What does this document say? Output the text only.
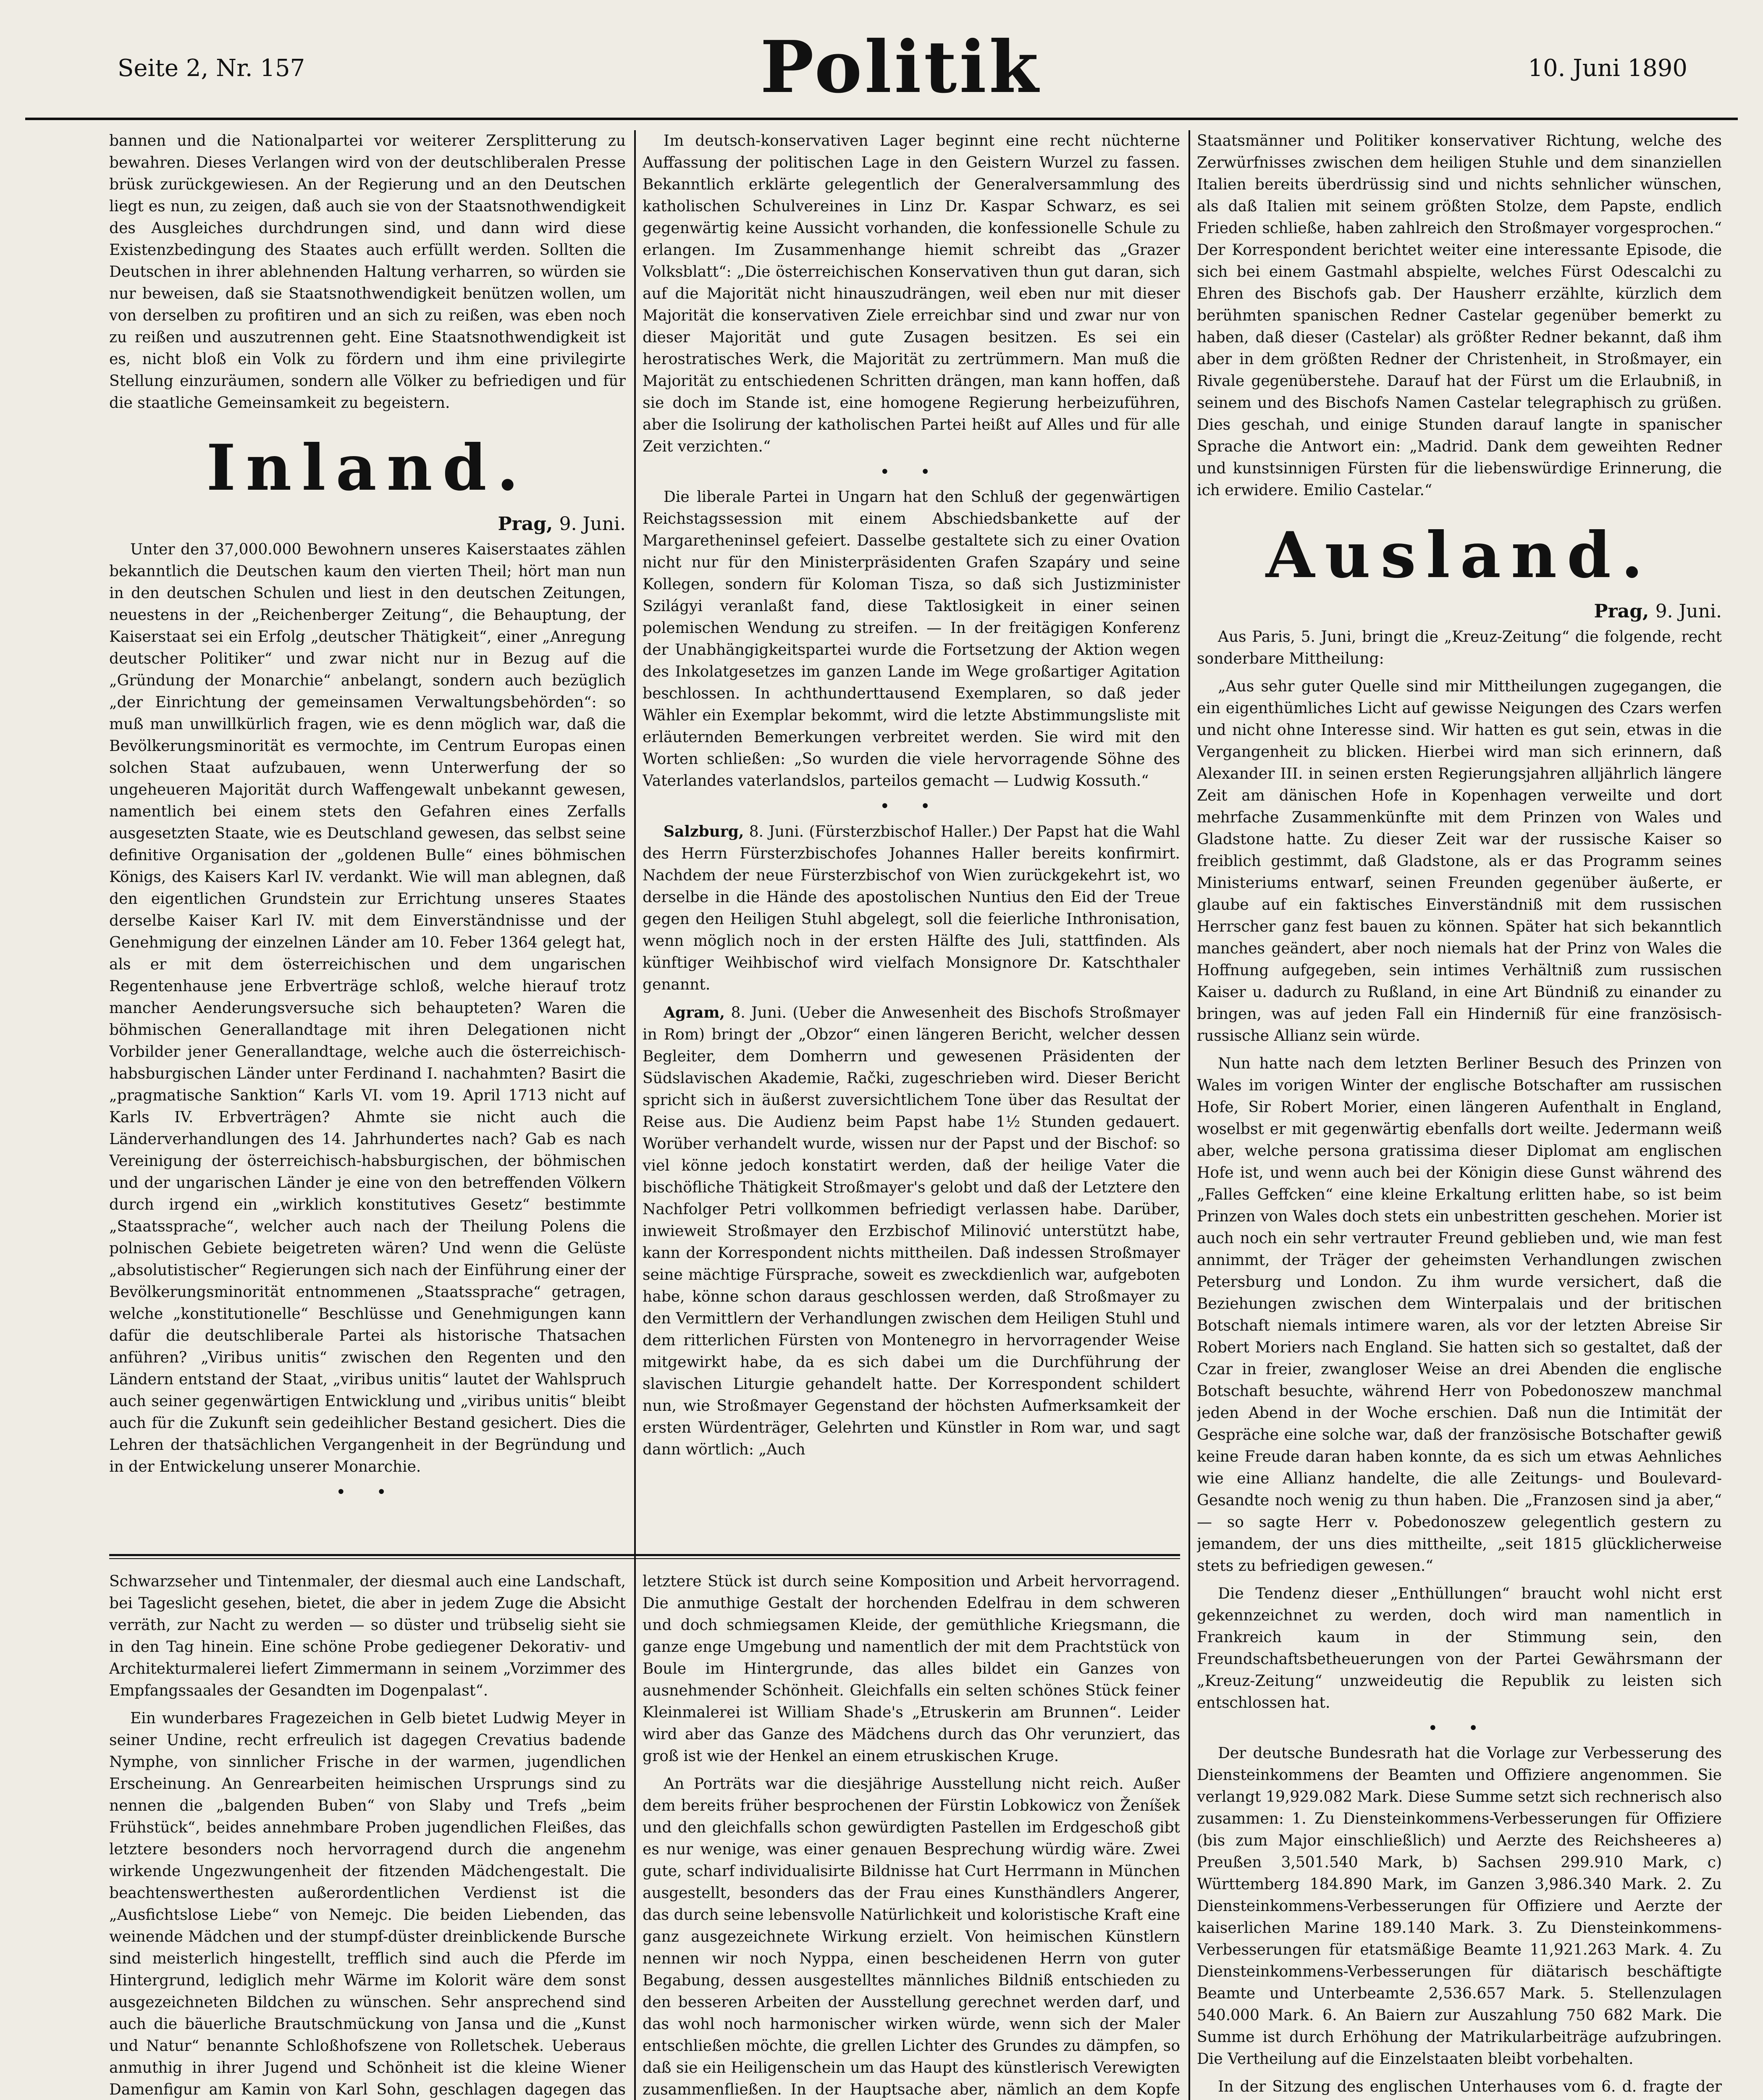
Seite 2, Nr. 157	Politik	10. Juni 1890

bannen und die Nationalpartei vor weiterer Zersplitterung zu bewahren. Dieses Verlangen wird von der deutschliberalen Presse brüsk zurückgewiesen. An der Regierung und an den Deutschen liegt es nun, zu zeigen, daß auch sie von der Staatsnothwendigkeit des Ausgleiches durchdrungen sind, und dann wird diese Existenzbedingung des Staates auch erfüllt werden. Sollten die Deutschen in ihrer ablehnenden Haltung verharren, so würden sie nur beweisen, daß sie Staatsnothwendigkeit benützen wollen, um von derselben zu profitiren und an sich zu reißen, was eben noch zu reißen und auszutrennen geht. Eine Staatsnothwendigkeit ist es, nicht bloß ein Volk zu fördern und ihm eine privilegirte Stellung einzuräumen, sondern alle Völker zu befriedigen und für die staatliche Gemeinsamkeit zu begeistern.

Inland.
Prag, 9. Juni.

Unter den 37,000.000 Bewohnern unseres Kaiserstaates zählen bekanntlich die Deutschen kaum den vierten Theil; hört man nun in den deutschen Schulen und liest in den deutschen Zeitungen, neuestens in der „Reichenberger Zeitung“, die Behauptung, der Kaiserstaat sei ein Erfolg „deutscher Thätigkeit“, einer „Anregung deutscher Politiker“ und zwar nicht nur in Bezug auf die „Gründung der Monarchie“ anbelangt, sondern auch bezüglich „der Einrichtung der gemeinsamen Verwaltungsbehörden“: so muß man unwillkürlich fragen, wie es denn möglich war, daß die Bevölkerungsminorität es vermochte, im Centrum Europas einen solchen Staat aufzubauen, wenn Unterwerfung der so ungeheueren Majorität durch Waffengewalt unbekannt gewesen, namentlich bei einem stets den Gefahren eines Zerfalls ausgesetzten Staate, wie es Deutschland gewesen, das selbst seine definitive Organisation der „goldenen Bulle“ eines böhmischen Königs, des Kaisers Karl IV. verdankt. Wie will man ablegnen, daß den eigentlichen Grundstein zur Errichtung unseres Staates derselbe Kaiser Karl IV. mit dem Einverständnisse und der Genehmigung der einzelnen Länder am 10. Feber 1364 gelegt hat, als er mit dem österreichischen und dem ungarischen Regentenhause jene Erbverträge schloß, welche hierauf trotz mancher Aenderungsversuche sich behaupteten? Waren die böhmischen Generallandtage mit ihren Delegationen nicht Vorbilder jener Generallandtage, welche auch die österreichisch-habsburgischen Länder unter Ferdinand I. nachahmten? Basirt die „pragmatische Sanktion“ Karls VI. vom 19. April 1713 nicht auf Karls IV. Erbverträgen? Ahmte sie nicht auch die Länderverhandlungen des 14. Jahrhundertes nach? Gab es nach Vereinigung der österreichisch-habsburgischen, der böhmischen und der ungarischen Länder je eine von den betreffenden Völkern durch irgend ein „wirklich konstitutives Gesetz“ bestimmte „Staatssprache“, welcher auch nach der Theilung Polens die polnischen Gebiete beigetreten wären? Und wenn die Gelüste „absolutistischer“ Regierungen sich nach der Einführung einer der Bevölkerungsminorität entnommenen „Staatssprache“ getragen, welche „konstitutionelle“ Beschlüsse und Genehmigungen kann dafür die deutschliberale Partei als historische Thatsachen anführen? „Viribus unitis“ zwischen den Regenten und den Ländern entstand der Staat, „viribus unitis“ lautet der Wahlspruch auch seiner gegenwärtigen Entwicklung und „viribus unitis“ bleibt auch für die Zukunft sein gedeihlicher Bestand gesichert. Dies die Lehren der thatsächlichen Vergangenheit in der Begründung und in der Entwickelung unserer Monarchie.

• •

Schwarzseher und Tintenmaler, der diesmal auch eine Landschaft, bei Tageslicht gesehen, bietet, die aber in jedem Zuge die Absicht verräth, zur Nacht zu werden — so düster und trübselig sieht sie in den Tag hinein. Eine schöne Probe gediegener Dekorativ- und Architekturmalerei liefert Zimmermann in seinem „Vorzimmer des Empfangssaales der Gesandten im Dogenpalast“.

Ein wunderbares Fragezeichen in Gelb bietet Ludwig Meyer in seiner Undine, recht erfreulich ist dagegen Crevatius badende Nymphe, von sinnlicher Frische in der warmen, jugendlichen Erscheinung. An Genrearbeiten heimischen Ursprungs sind zu nennen die „balgenden Buben“ von Slaby und Trefs „beim Frühstück“, beides annehmbare Proben jugendlichen Fleißes, das letztere besonders noch hervorragend durch die angenehm wirkende Ungezwungenheit der fitzenden Mädchengestalt. Die beachtenswerthesten außerordentlichen Verdienst ist die „Ausfichtslose Liebe“ von Nemejc. Die beiden Liebenden, das weinende Mädchen und der stumpf-düster dreinblickende Bursche sind meisterlich hingestellt, trefflich sind auch die Pferde im Hintergrund, lediglich mehr Wärme im Kolorit wäre dem sonst ausgezeichneten Bildchen zu wünschen. Sehr ansprechend sind auch die bäuerliche Brautschmückung von Jansa und die „Kunst und Natur“ benannte Schloßhofszene von Rolletschek. Ueberaus anmuthig in ihrer Jugend und Schönheit ist die kleine Wiener Damenfigur am Kamin von Karl Sohn, geschlagen dagegen das

Im deutsch-konservativen Lager beginnt eine recht nüchterne Auffassung der politischen Lage in den Geistern Wurzel zu fassen. Bekanntlich erklärte gelegentlich der Generalversammlung des katholischen Schulvereines in Linz Dr. Kaspar Schwarz, es sei gegenwärtig keine Aussicht vorhanden, die konfessionelle Schule zu erlangen. Im Zusammenhange hiemit schreibt das „Grazer Volksblatt“: „Die österreichischen Konservativen thun gut daran, sich auf die Majorität nicht hinauszudrängen, weil eben nur mit dieser Majorität die konservativen Ziele erreichbar sind und zwar nur von dieser Majorität und gute Zusagen besitzen. Es sei ein herostratisches Werk, die Majorität zu zertrümmern. Man muß die Majorität zu entschiedenen Schritten drängen, man kann hoffen, daß sie doch im Stande ist, eine homogene Regierung herbeizuführen, aber die Isolirung der katholischen Partei heißt auf Alles und für alle Zeit verzichten.“

• •

Die liberale Partei in Ungarn hat den Schluß der gegenwärtigen Reichstagssession mit einem Abschiedsbankette auf der Margaretheninsel gefeiert. Dasselbe gestaltete sich zu einer Ovation nicht nur für den Ministerpräsidenten Grafen Szapáry und seine Kollegen, sondern für Koloman Tisza, so daß sich Justizminister Szilágyi veranlaßt fand, diese Taktlosigkeit in einer seinen polemischen Wendung zu streifen. — In der freitägigen Konferenz der Unabhängigkeitspartei wurde die Fortsetzung der Aktion wegen des Inkolatgesetzes im ganzen Lande im Wege großartiger Agitation beschlossen. In achthunderttausend Exemplaren, so daß jeder Wähler ein Exemplar bekommt, wird die letzte Abstimmungsliste mit erläuternden Bemerkungen verbreitet werden. Sie wird mit den Worten schließen: „So wurden die viele hervorragende Söhne des Vaterlandes vaterlandslos, parteilos gemacht — Ludwig Kossuth.“

• •

Salzburg, 8. Juni. (Fürsterzbischof Haller.) Der Papst hat die Wahl des Herrn Fürsterzbischofes Johannes Haller bereits konfirmirt. Nachdem der neue Fürsterzbischof von Wien zurückgekehrt ist, wo derselbe in die Hände des apostolischen Nuntius den Eid der Treue gegen den Heiligen Stuhl abgelegt, soll die feierliche Inthronisation, wenn möglich noch in der ersten Hälfte des Juli, stattfinden. Als künftiger Weihbischof wird vielfach Monsignore Dr. Katschthaler genannt.

Agram, 8. Juni. (Ueber die Anwesenheit des Bischofs Stroßmayer in Rom) bringt der „Obzor“ einen längeren Bericht, welcher dessen Begleiter, dem Domherrn und gewesenen Präsidenten der Südslavischen Akademie, Rački, zugeschrieben wird. Dieser Bericht spricht sich in äußerst zuversichtlichem Tone über das Resultat der Reise aus. Die Audienz beim Papst habe 1½ Stunden gedauert. Worüber verhandelt wurde, wissen nur der Papst und der Bischof: so viel könne jedoch konstatirt werden, daß der heilige Vater die bischöfliche Thätigkeit Stroßmayer's gelobt und daß der Letztere den Nachfolger Petri vollkommen befriedigt verlassen habe. Darüber, inwieweit Stroßmayer den Erzbischof Milinović unterstützt habe, kann der Korrespondent nichts mittheilen. Daß indessen Stroßmayer seine mächtige Fürsprache, soweit es zweckdienlich war, aufgeboten habe, könne schon daraus geschlossen werden, daß Stroßmayer zu den Vermittlern der Verhandlungen zwischen dem Heiligen Stuhl und dem ritterlichen Fürsten von Montenegro in hervorragender Weise mitgewirkt habe, da es sich dabei um die Durchführung der slavischen Liturgie gehandelt hatte. Der Korrespondent schildert nun, wie Stroßmayer Gegenstand der höchsten Aufmerksamkeit der ersten Würdenträger, Gelehrten und Künstler in Rom war, und sagt dann wörtlich: „Auch

letztere Stück ist durch seine Komposition und Arbeit hervorragend. Die anmuthige Gestalt der horchenden Edelfrau in dem schweren und doch schmiegsamen Kleide, der gemüthliche Kriegsmann, die ganze enge Umgebung und namentlich der mit dem Prachtstück von Boule im Hintergrunde, das alles bildet ein Ganzes von ausnehmender Schönheit. Gleichfalls ein selten schönes Stück feiner Kleinmalerei ist William Shade's „Etruskerin am Brunnen“. Leider wird aber das Ganze des Mädchens durch das Ohr verunziert, das groß ist wie der Henkel an einem etruskischen Kruge.

An Porträts war die diesjährige Ausstellung nicht reich. Außer dem bereits früher besprochenen der Fürstin Lobkowicz von Ženíšek und den gleichfalls schon gewürdigten Pastellen im Erdgeschoß gibt es nur wenige, was einer genauen Besprechung würdig wäre. Zwei gute, scharf individualisirte Bildnisse hat Curt Herrmann in München ausgestellt, besonders das der Frau eines Kunsthändlers Angerer, das durch seine lebensvolle Natürlichkeit und koloristische Kraft eine ganz ausgezeichnete Wirkung erzielt. Von heimischen Künstlern nennen wir noch Nyppa, einen bescheidenen Herrn von guter Begabung, dessen ausgestelltes männliches Bildniß entschieden zu den besseren Arbeiten der Ausstellung gerechnet werden darf, und das wohl noch harmonischer wirken würde, wenn sich der Maler entschließen möchte, die grellen Lichter des Grundes zu dämpfen, so daß sie ein Heiligenschein um das Haupt des künstlerisch Verewigten zusammenfließen. In der Hauptsache aber, nämlich an dem Kopfe

Staatsmänner und Politiker konservativer Richtung, welche des Zerwürfnisses zwischen dem heiligen Stuhle und dem sinanziellen Italien bereits überdrüssig sind und nichts sehnlicher wünschen, als daß Italien mit seinem größten Stolze, dem Papste, endlich Frieden schließe, haben zahlreich den Stroßmayer vorgesprochen.“ Der Korrespondent berichtet weiter eine interessante Episode, die sich bei einem Gastmahl abspielte, welches Fürst Odescalchi zu Ehren des Bischofs gab. Der Hausherr erzählte, kürzlich dem berühmten spanischen Redner Castelar gegenüber bemerkt zu haben, daß dieser (Castelar) als größter Redner bekannt, daß ihm aber in dem größten Redner der Christenheit, in Stroßmayer, ein Rivale gegenüberstehe. Darauf hat der Fürst um die Erlaubniß, in seinem und des Bischofs Namen Castelar telegraphisch zu grüßen. Dies geschah, und einige Stunden darauf langte in spanischer Sprache die Antwort ein: „Madrid. Dank dem geweihten Redner und kunstsinnigen Fürsten für die liebenswürdige Erinnerung, die ich erwidere. Emilio Castelar.“

Ausland.
Prag, 9. Juni.

Aus Paris, 5. Juni, bringt die „Kreuz-Zeitung“ die folgende, recht sonderbare Mittheilung:

„Aus sehr guter Quelle sind mir Mittheilungen zugegangen, die ein eigenthümliches Licht auf gewisse Neigungen des Czars werfen und nicht ohne Interesse sind. Wir hatten es gut sein, etwas in die Vergangenheit zu blicken. Hierbei wird man sich erinnern, daß Alexander III. in seinen ersten Regierungsjahren alljährlich längere Zeit am dänischen Hofe in Kopenhagen verweilte und dort mehrfache Zusammenkünfte mit dem Prinzen von Wales und Gladstone hatte. Zu dieser Zeit war der russische Kaiser so freiblich gestimmt, daß Gladstone, als er das Programm seines Ministeriums entwarf, seinen Freunden gegenüber äußerte, er glaube auf ein faktisches Einverständniß mit dem russischen Herrscher ganz fest bauen zu können. Später hat sich bekanntlich manches geändert, aber noch niemals hat der Prinz von Wales die Hoffnung aufgegeben, sein intimes Verhältniß zum russischen Kaiser u. dadurch zu Rußland, in eine Art Bündniß zu einander zu bringen, was auf jeden Fall ein Hinderniß für eine französisch-russische Allianz sein würde.

Nun hatte nach dem letzten Berliner Besuch des Prinzen von Wales im vorigen Winter der englische Botschafter am russischen Hofe, Sir Robert Morier, einen längeren Aufenthalt in England, woselbst er mit gegenwärtig ebenfalls dort weilte. Jedermann weiß aber, welche persona gratissima dieser Diplomat am englischen Hofe ist, und wenn auch bei der Königin diese Gunst während des „Falles Geffcken“ eine kleine Erkaltung erlitten habe, so ist beim Prinzen von Wales doch stets ein unbestritten geschehen. Morier ist auch noch ein sehr vertrauter Freund geblieben und, wie man fest annimmt, der Träger der geheimsten Verhandlungen zwischen Petersburg und London. Zu ihm wurde versichert, daß die Beziehungen zwischen dem Winterpalais und der britischen Botschaft niemals intimere waren, als vor der letzten Abreise Sir Robert Moriers nach England. Sie hatten sich so gestaltet, daß der Czar in freier, zwangloser Weise an drei Abenden die englische Botschaft besuchte, während Herr von Pobedonoszew manchmal jeden Abend in der Woche erschien. Daß nun die Intimität der Gespräche eine solche war, daß der französische Botschafter gewiß keine Freude daran haben konnte, da es sich um etwas Aehnliches wie eine Allianz handelte, die alle Zeitungs- und Boulevard-Gesandte noch wenig zu thun haben. Die „Franzosen sind ja aber,“ — so sagte Herr v. Pobedonoszew gelegentlich gestern zu jemandem, der uns dies mittheilte, „seit 1815 glücklicherweise stets zu befriedigen gewesen.“

Die Tendenz dieser „Enthüllungen“ braucht wohl nicht erst gekennzeichnet zu werden, doch wird man namentlich in Frankreich kaum in der Stimmung sein, den Freundschaftsbetheuerungen von der Partei Gewährsmann der „Kreuz-Zeitung“ unzweideutig die Republik zu leisten sich entschlossen hat.

• •

Der deutsche Bundesrath hat die Vorlage zur Verbesserung des Diensteinkommens der Beamten und Offiziere angenommen. Sie verlangt 19,929.082 Mark. Diese Summe setzt sich rechnerisch also zusammen: 1. Zu Diensteinkommens-Verbesserungen für Offiziere (bis zum Major einschließlich) und Aerzte des Reichsheeres a) Preußen 3,501.540 Mark, b) Sachsen 299.910 Mark, c) Württemberg 184.890 Mark, im Ganzen 3,986.340 Mark. 2. Zu Diensteinkommens-Verbesserungen für Offiziere und Aerzte der kaiserlichen Marine 189.140 Mark. 3. Zu Diensteinkommens-Verbesserungen für etatsmäßige Beamte 11,921.263 Mark. 4. Zu Diensteinkommens-Verbesserungen für diätarisch beschäftigte Beamte und Unterbeamte 2,536.657 Mark. 5. Stellenzulagen 540.000 Mark. 6. An Baiern zur Auszahlung 750 682 Mark. Die Summe ist durch Erhöhung der Matrikularbeiträge aufzubringen. Die Vertheilung auf die Einzelstaaten bleibt vorbehalten.

In der Sitzung des englischen Unterhauses vom 6. d. fragte der
